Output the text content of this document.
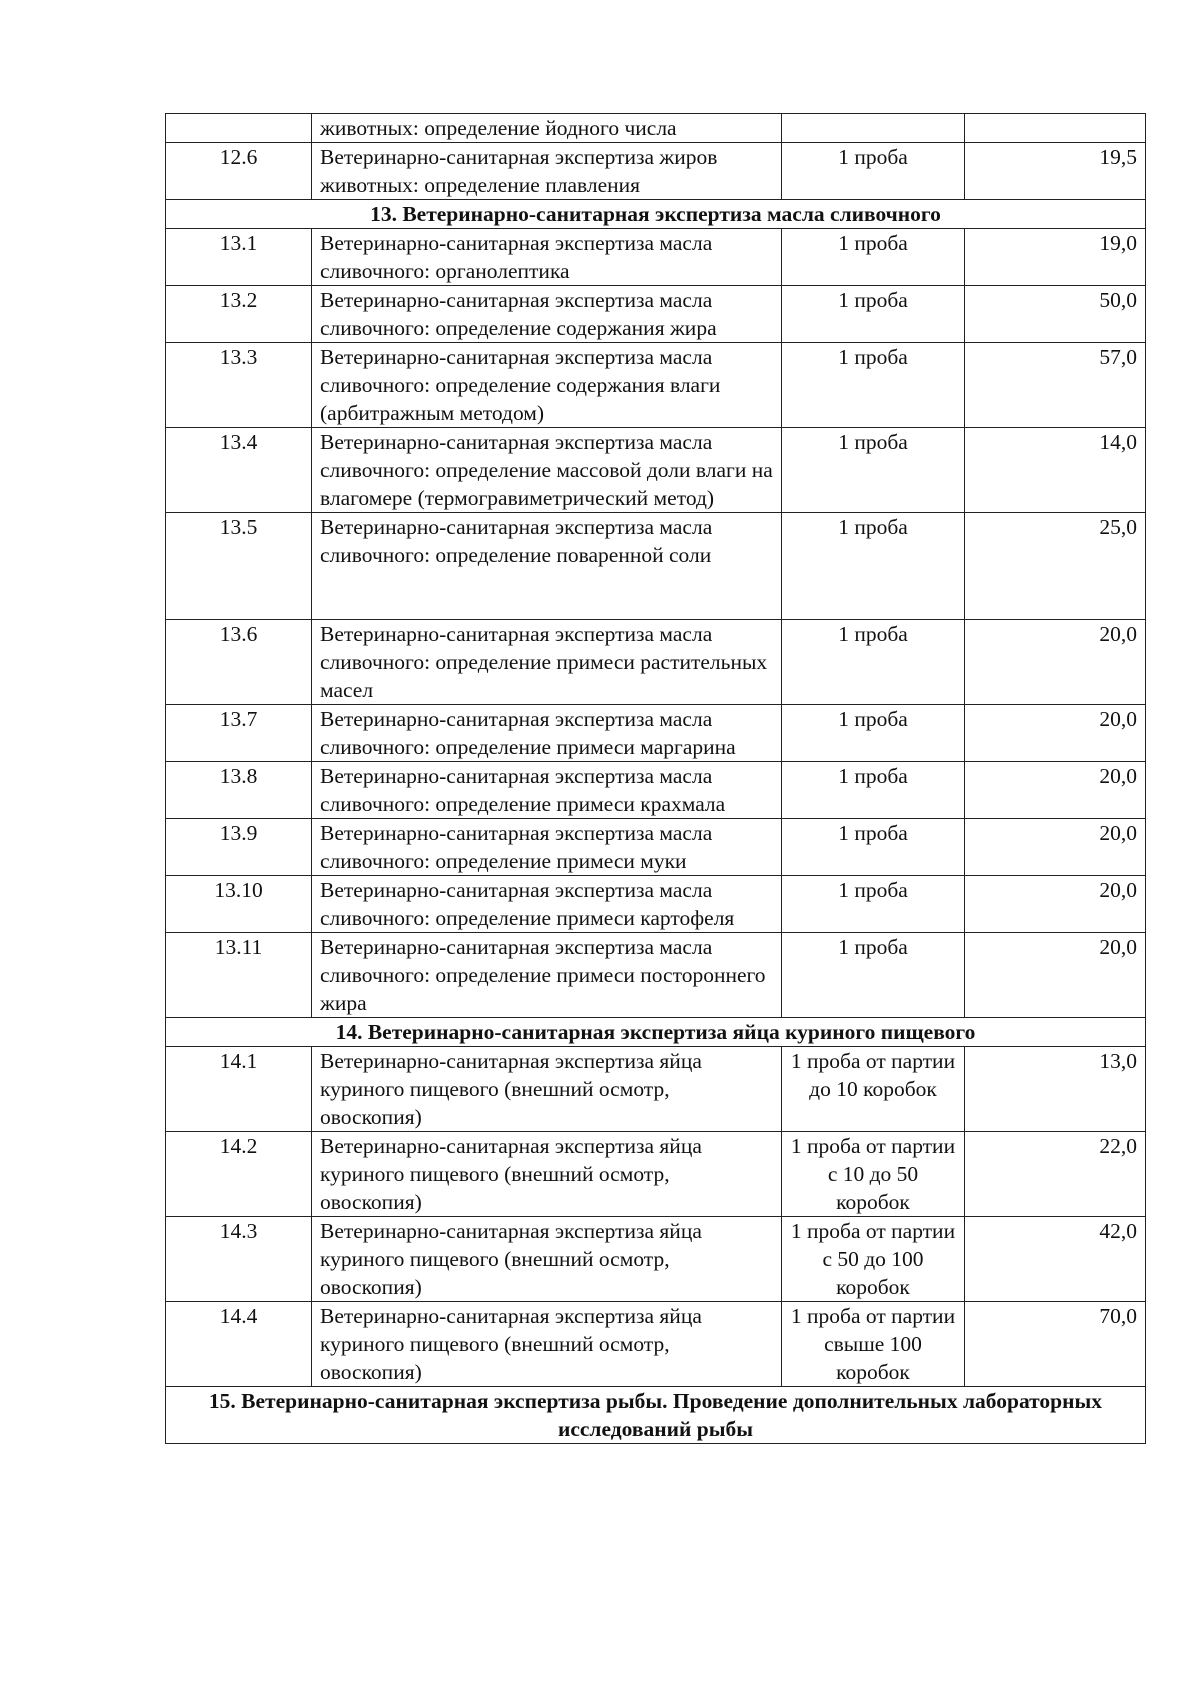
	животных: определение йодного числа		
12.6	Ветеринарно-санитарная экспертиза жиров животных: определение плавления	1 проба	19,5
13. Ветеринарно-санитарная экспертиза масла сливочного			
13.1	Ветеринарно-санитарная экспертиза масла сливочного: органолептика	1 проба	19,0
13.2	Ветеринарно-санитарная экспертиза масла сливочного: определение содержания жира	1 проба	50,0
13.3	Ветеринарно-санитарная экспертиза масла сливочного: определение содержания влаги (арбитражным методом)	1 проба	57,0
13.4	Ветеринарно-санитарная экспертиза масла сливочного: определение массовой доли влаги на влагомере (термогравиметрический метод)	1 проба	14,0
13.5	Ветеринарно-санитарная экспертиза масла сливочного: определение поваренной соли	1 проба	25,0
13.6	Ветеринарно-санитарная экспертиза масла сливочного: определение примеси растительных масел	1 проба	20,0
13.7	Ветеринарно-санитарная экспертиза масла сливочного: определение примеси маргарина	1 проба	20,0
13.8	Ветеринарно-санитарная экспертиза масла сливочного: определение примеси крахмала	1 проба	20,0
13.9	Ветеринарно-санитарная экспертиза масла сливочного: определение примеси муки	1 проба	20,0
13.10	Ветеринарно-санитарная экспертиза масла сливочного: определение примеси картофеля	1 проба	20,0
13.11	Ветеринарно-санитарная экспертиза масла сливочного: определение примеси постороннего жира	1 проба	20,0
14. Ветеринарно-санитарная экспертиза яйца куриного пищевого			
14.1	Ветеринарно-санитарная экспертиза яйца куриного пищевого (внешний осмотр, овоскопия)	1 проба от партии до 10 коробок	13,0
14.2	Ветеринарно-санитарная экспертиза яйца куриного пищевого (внешний осмотр, овоскопия)	1 проба от партии с 10 до 50 коробок	22,0
14.3	Ветеринарно-санитарная экспертиза яйца куриного пищевого (внешний осмотр, овоскопия)	1 проба от партии с 50 до 100 коробок	42,0
14.4	Ветеринарно-санитарная экспертиза яйца куриного пищевого (внешний осмотр, овоскопия)	1 проба от партии свыше 100 коробок	70,0
15. Ветеринарно-санитарная экспертиза рыбы. Проведение дополнительных лабораторных исследований рыбы			
